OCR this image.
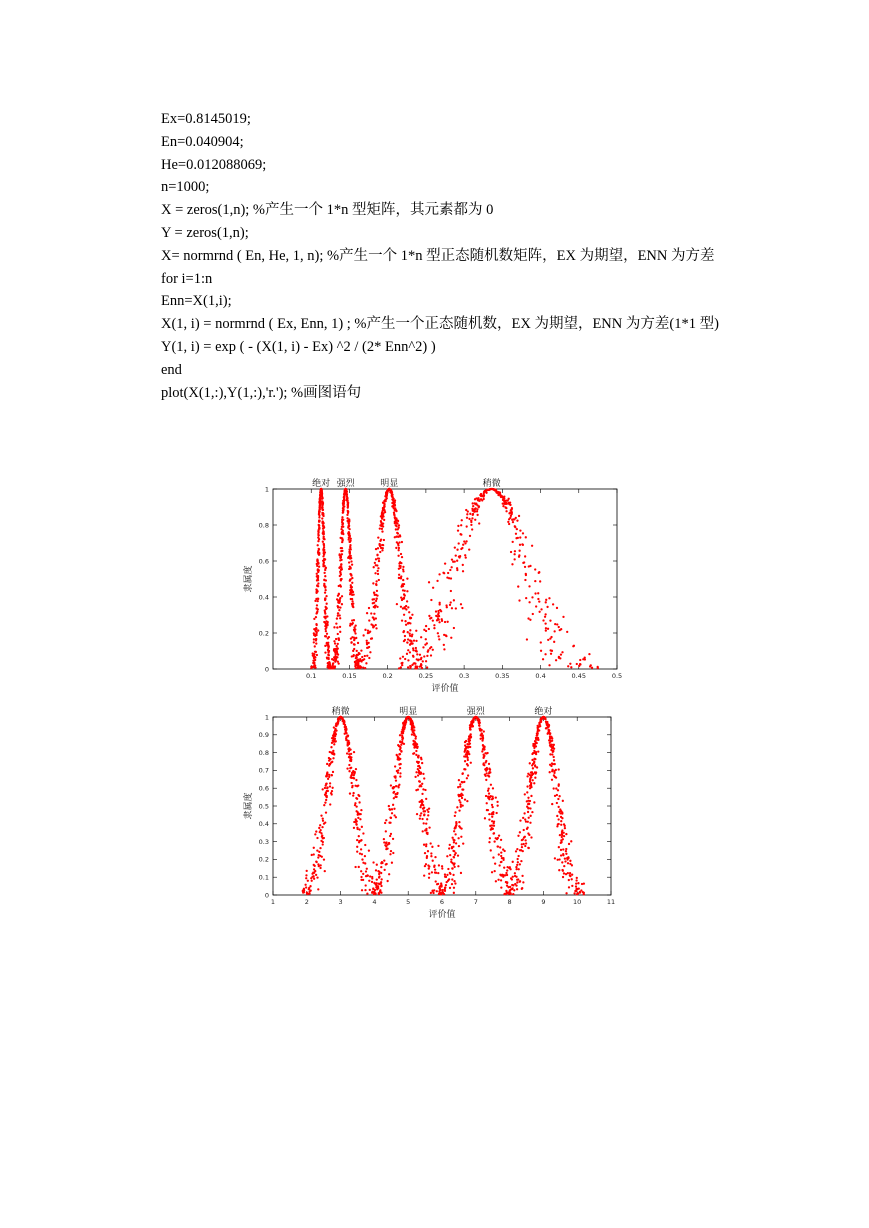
Ex=0.8145019;
En=0.040904;
He=0.012088069;
n=1000;
X = zeros(1,n); %产生一个 1*n 型矩阵，其元素都为 0
Y = zeros(1,n);
X= normrnd ( En, He, 1, n); %产生一个 1*n 型正态随机数矩阵，EX 为期望，ENN 为方差
for i=1:n
Enn=X(1,i);
X(1, i) = normrnd ( Ex, Enn, 1) ; %产生一个正态随机数，EX 为期望，ENN 为方差(1*1 型)
Y(1, i) = exp ( - (X(1, i) - Ex) ^2 / (2* Enn^2) )
end
plot(X(1,:),Y(1,:),'r.'); %画图语句
0.1	0.15	0.2	0.25	0.3	0.35	0.4	0.45	0.5
0
0.2
0.4
0.6
0.8
1
评价值
隶属度
绝对 强烈	明显	稍微
1	2	3	4	5	6	7	8	9	10	11
0
0.1
0.2
0.3
0.4
0.5
0.6
0.7
0.8
0.9
1
评价值
隶属度
稍微	明显	强烈	绝对
